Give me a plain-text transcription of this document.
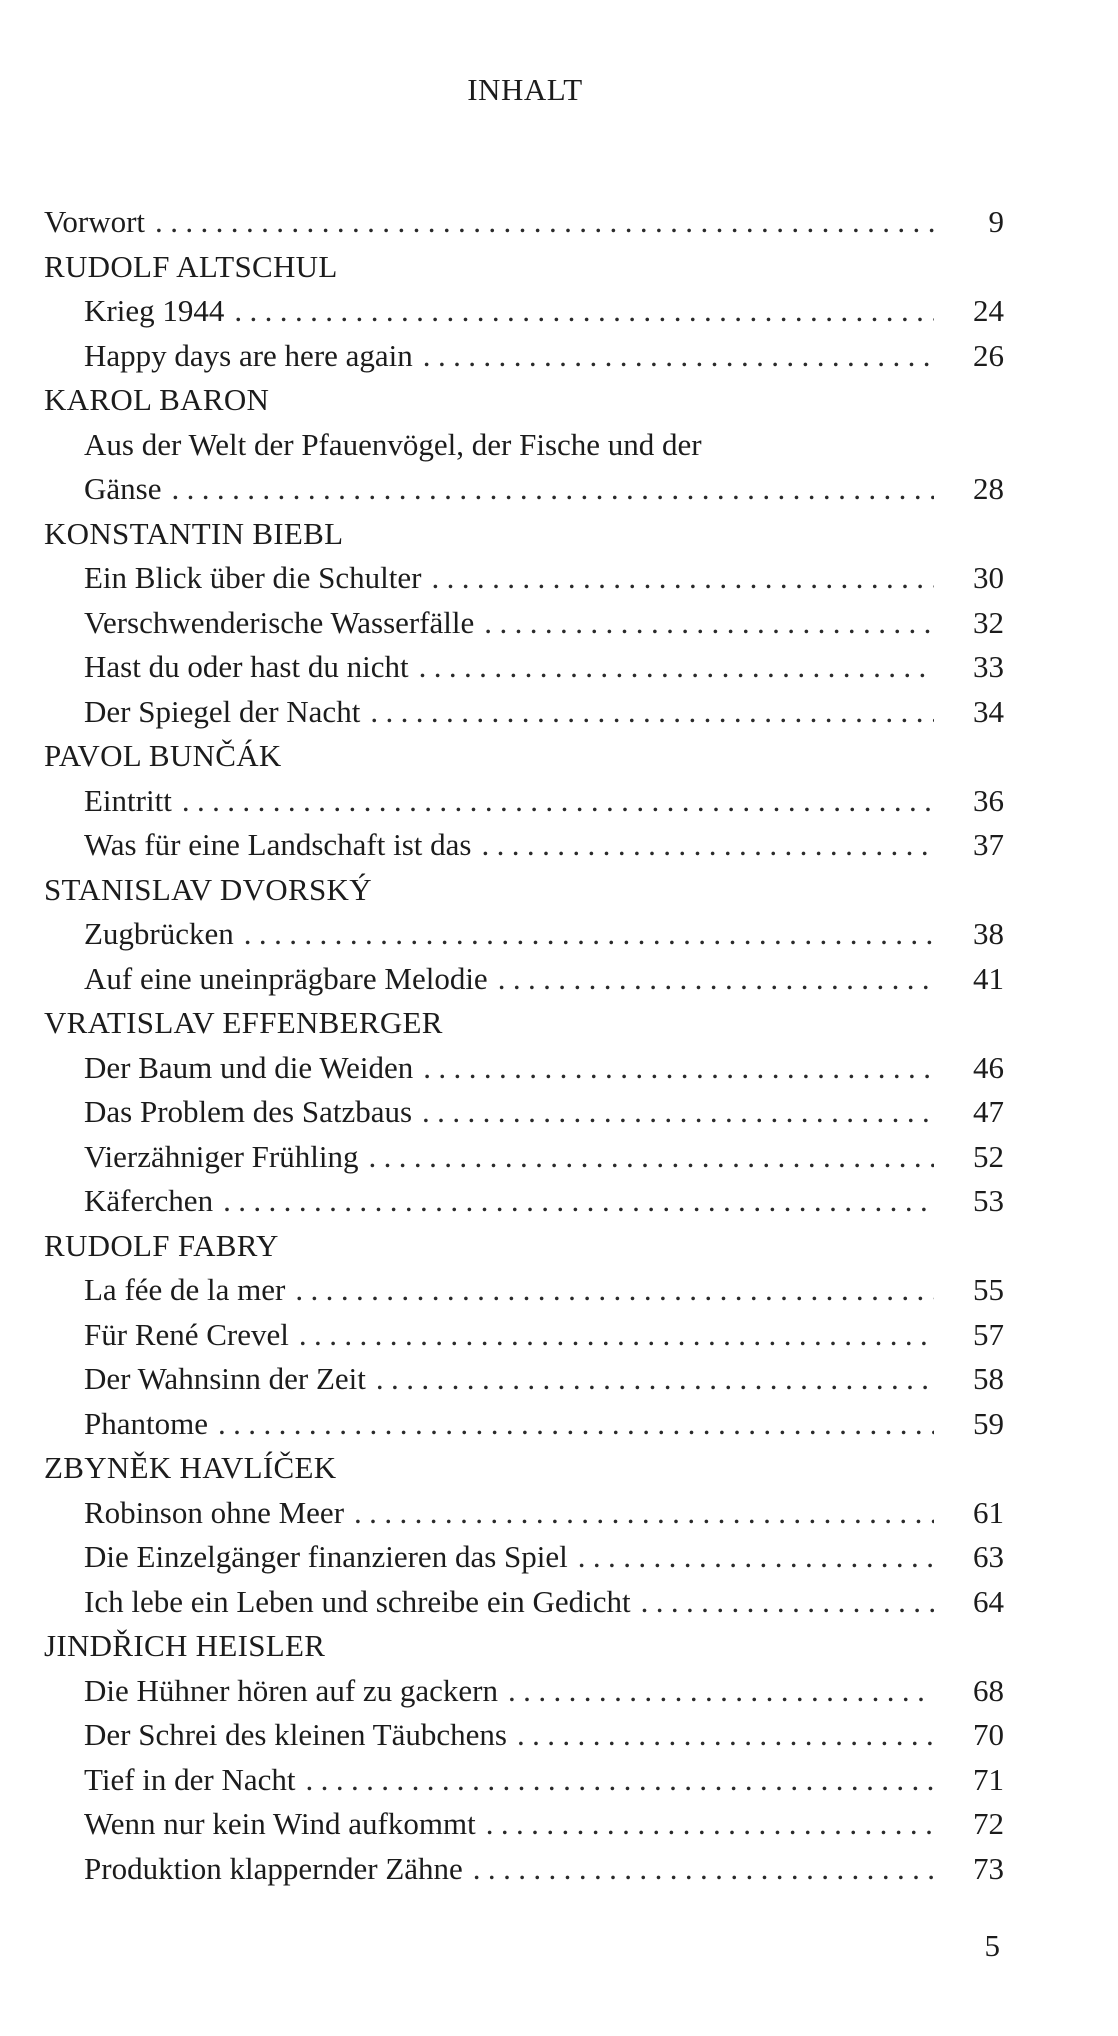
INHALT
Vorwort .....	9
RUDOLF ALTSCHUL
Krieg 1944 .....	24
Happy days are here again .....	26
KAROL BARON
Aus der Welt der Pfauenvögel, der Fische und der
Gänse .....	28
KONSTANTIN BIEBL
Ein Blick über die Schulter .....	30
Verschwenderische Wasserfälle .....	32
Hast du oder hast du nicht .....	33
Der Spiegel der Nacht .....	34
PAVOL BUNČÁK
Eintritt .....	36
Was für eine Landschaft ist das .....	37
STANISLAV DVORSKÝ
Zugbrücken .....	38
Auf eine uneinprägbare Melodie .....	41
VRATISLAV EFFENBERGER
Der Baum und die Weiden .....	46
Das Problem des Satzbaus .....	47
Vierzähniger Frühling .....	52
Käferchen .....	53
RUDOLF FABRY
La fée de la mer .....	55
Für René Crevel .....	57
Der Wahnsinn der Zeit .....	58
Phantome .....	59
ZBYNĚK HAVLÍČEK
Robinson ohne Meer .....	61
Die Einzelgänger finanzieren das Spiel .....	63
Ich lebe ein Leben und schreibe ein Gedicht .....	64
JINDŘICH HEISLER
Die Hühner hören auf zu gackern .....	68
Der Schrei des kleinen Täubchens .....	70
Tief in der Nacht .....	71
Wenn nur kein Wind aufkommt .....	72
Produktion klappernder Zähne .....	73
5
